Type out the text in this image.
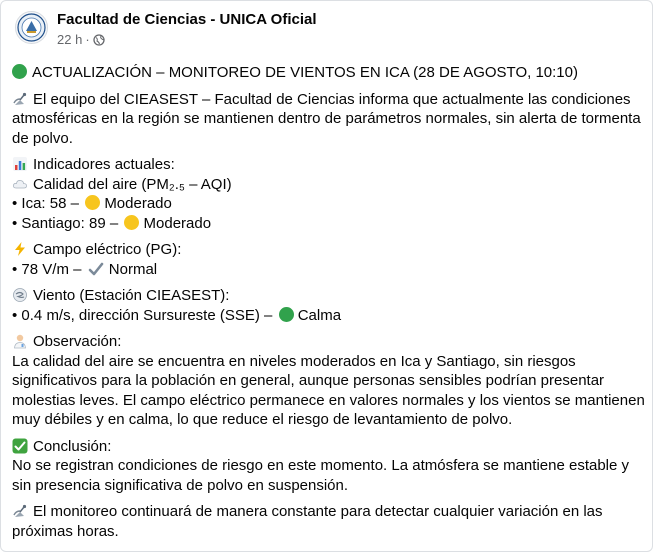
Facultad de Ciencias - UNICA Oficial
22 h ·
ACTUALIZACIÓN – MONITOREO DE VIENTOS EN ICA (28 DE AGOSTO, 10:10)
El equipo del CIEASEST – Facultad de Ciencias informa que actualmente las condiciones
atmosféricas en la región se mantienen dentro de parámetros normales, sin alerta de tormenta
de polvo.
Indicadores actuales:
Calidad del aire (PM₂.₅ – AQI)
• Ica: 58 – Moderado
• Santiago: 89 – Moderado
Campo eléctrico (PG):
• 78 V/m – Normal
Viento (Estación CIEASEST):
• 0.4 m/s, dirección Sursureste (SSE) – Calma
Observación:
La calidad del aire se encuentra en niveles moderados en Ica y Santiago, sin riesgos
significativos para la población en general, aunque personas sensibles podrían presentar
molestias leves. El campo eléctrico permanece en valores normales y los vientos se mantienen
muy débiles y en calma, lo que reduce el riesgo de levantamiento de polvo.
Conclusión:
No se registran condiciones de riesgo en este momento. La atmósfera se mantiene estable y
sin presencia significativa de polvo en suspensión.
El monitoreo continuará de manera constante para detectar cualquier variación en las
próximas horas.
